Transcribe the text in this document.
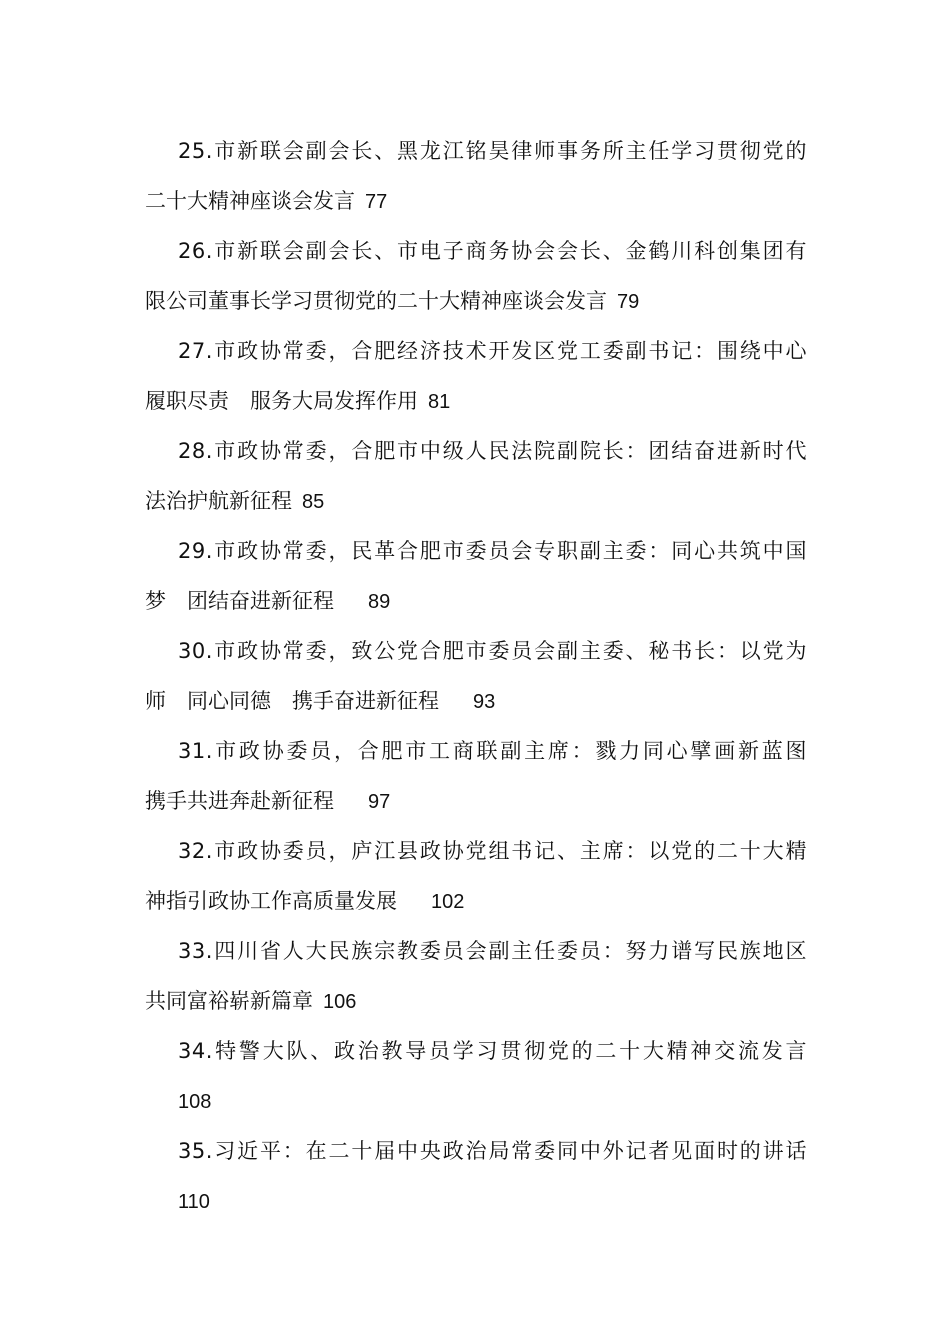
25.市新联会副会长、黑龙江铭昊律师事务所主任学习贯彻党的
二十大精神座谈会发言 77
26.市新联会副会长、市电子商务协会会长、金鹤川科创集团有
限公司董事长学习贯彻党的二十大精神座谈会发言 79
27.市政协常委，合肥经济技术开发区党工委副书记：围绕中心
履职尽责　服务大局发挥作用 81
28.市政协常委，合肥市中级人民法院副院长：团结奋进新时代
法治护航新征程 85
29.市政协常委，民革合肥市委员会专职副主委：同心共筑中国
梦　团结奋进新征程 89
30.市政协常委，致公党合肥市委员会副主委、秘书长：以党为
师　同心同德　携手奋进新征程 93
31.市政协委员，合肥市工商联副主席：戮力同心擘画新蓝图
携手共进奔赴新征程 97
32.市政协委员，庐江县政协党组书记、主席：以党的二十大精
神指引政协工作高质量发展 102
33.四川省人大民族宗教委员会副主任委员：努力谱写民族地区
共同富裕崭新篇章 106
34.特警大队、政治教导员学习贯彻党的二十大精神交流发言
108
35.习近平：在二十届中央政治局常委同中外记者见面时的讲话
110
